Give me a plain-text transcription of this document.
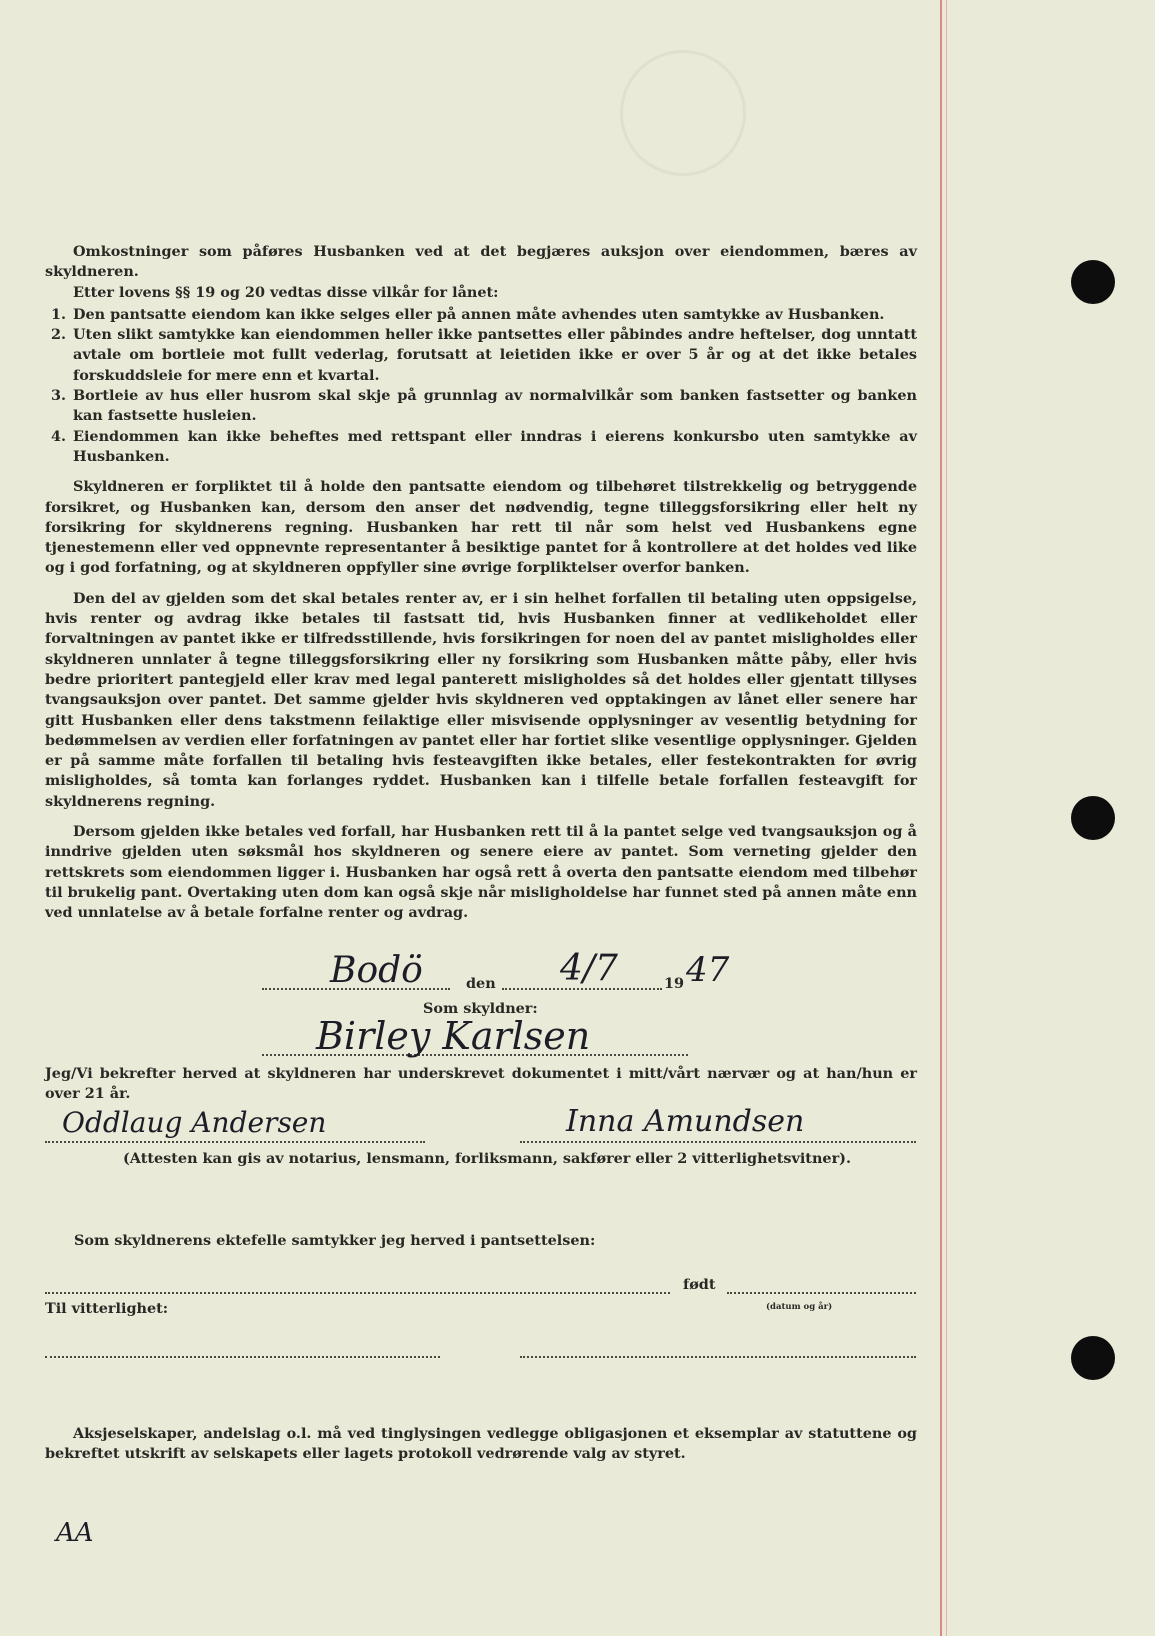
Omkostninger som påføres Husbanken ved at det begjæres auksjon over eiendommen, bæres av skyldneren.

Etter lovens §§ 19 og 20 vedtas disse vilkår for lånet:

1. Den pantsatte eiendom kan ikke selges eller på annen måte avhendes uten samtykke av Husbanken.
2. Uten slikt samtykke kan eiendommen heller ikke pantsettes eller påbindes andre heftelser, dog unntatt avtale om bortleie mot fullt vederlag, forutsatt at leietiden ikke er over 5 år og at det ikke betales forskuddsleie for mere enn et kvartal.
3. Bortleie av hus eller husrom skal skje på grunnlag av normalvilkår som banken fastsetter og banken kan fastsette husleien.
4. Eiendommen kan ikke beheftes med rettspant eller inndras i eierens konkursbo uten samtykke av Husbanken.

Skyldneren er forpliktet til å holde den pantsatte eiendom og tilbehøret tilstrekkelig og betryggende forsikret, og Husbanken kan, dersom den anser det nødvendig, tegne tilleggsforsikring eller helt ny forsikring for skyldnerens regning. Husbanken har rett til når som helst ved Husbankens egne tjenestemenn eller ved oppnevnte representanter å besiktige pantet for å kontrollere at det holdes ved like og i god forfatning, og at skyldneren oppfyller sine øvrige forpliktelser overfor banken.

Den del av gjelden som det skal betales renter av, er i sin helhet forfallen til betaling uten oppsigelse, hvis renter og avdrag ikke betales til fastsatt tid, hvis Husbanken finner at vedlikeholdet eller forvaltningen av pantet ikke er tilfredsstillende, hvis forsikringen for noen del av pantet misligholdes eller skyldneren unnlater å tegne tilleggsforsikring eller ny forsikring som Husbanken måtte påby, eller hvis bedre prioritert pantegjeld eller krav med legal panterett misligholdes så det holdes eller gjentatt tillyses tvangsauksjon over pantet. Det samme gjelder hvis skyldneren ved opptakingen av lånet eller senere har gitt Husbanken eller dens takstmenn feilaktige eller misvisende opplysninger av vesentlig betydning for bedømmelsen av verdien eller forfatningen av pantet eller har fortiet slike vesentlige opplysninger. Gjelden er på samme måte forfallen til betaling hvis festeavgiften ikke betales, eller festekontrakten for øvrig misligholdes, så tomta kan forlanges ryddet. Husbanken kan i tilfelle betale forfallen festeavgift for skyldnerens regning.

Dersom gjelden ikke betales ved forfall, har Husbanken rett til å la pantet selge ved tvangsauksjon og å inndrive gjelden uten søksmål hos skyldneren og senere eiere av pantet. Som verneting gjelder den rettskrets som eiendommen ligger i. Husbanken har også rett å overta den pantsatte eiendom med tilbehør til brukelig pant. Overtaking uten dom kan også skje når misligholdelse har funnet sted på annen måte enn ved unnlatelse av å betale forfalne renter og avdrag.

Bodö	den 4/7	19 47
Som skyldner:
Birley Karlsen

Jeg/Vi bekrefter herved at skyldneren har underskrevet dokumentet i mitt/vårt nærvær og at han/hun er over 21 år.

Oddlaug Andersen	Inna Amundsen
(Attesten kan gis av notarius, lensmann, forliksmann, sakfører eller 2 vitterlighetsvitner).
Som skyldnerens ektefelle samtykker jeg herved i pantsettelsen:
født
(datum og år)
Til vitterlighet:

Aksjeselskaper, andelslag o.l. må ved tinglysingen vedlegge obligasjonen et eksemplar av statuttene og bekreftet utskrift av selskapets eller lagets protokoll vedrørende valg av styret.

AA
